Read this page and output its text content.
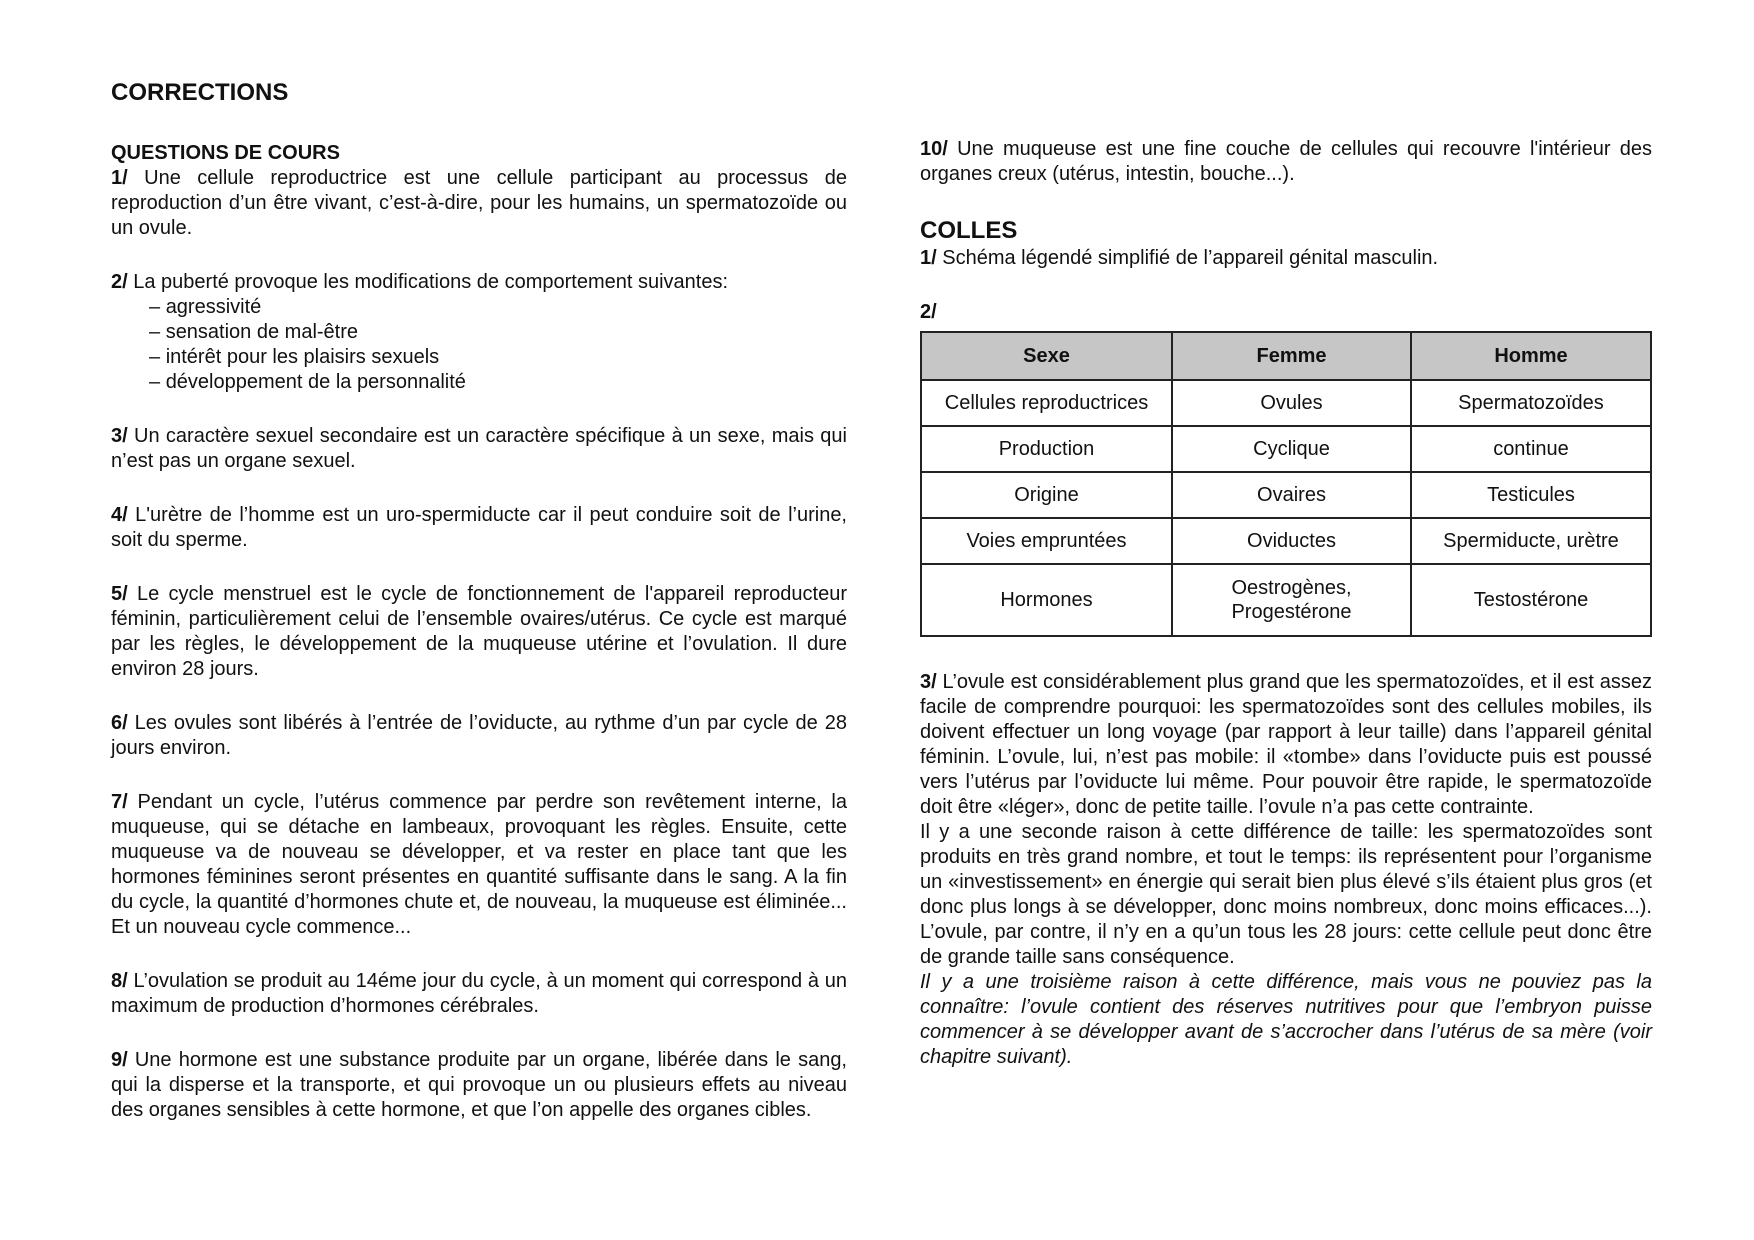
CORRECTIONS
QUESTIONS DE COURS

1/ Une cellule reproductrice est une cellule participant au processus de reproduction d’un être vivant, c’est-à-dire, pour les humains, un spermatozoïde ou un ovule.

2/ La puberté provoque les modifications de comportement suivantes:

– agressivité
– sensation de mal-être
– intérêt pour les plaisirs sexuels
– développement de la personnalité

3/ Un caractère sexuel secondaire est un caractère spécifique à un sexe, mais qui n’est pas un organe sexuel.

4/ L'urètre de l’homme est un uro-spermiducte car il peut conduire soit de l’urine, soit du sperme.

5/ Le cycle menstruel est le cycle de fonctionnement de l'appareil reproducteur féminin, particulièrement celui de l’ensemble ovaires/utérus. Ce cycle est marqué par les règles, le développement de la muqueuse utérine et l’ovulation. Il dure environ 28 jours.

6/ Les ovules sont libérés à l’entrée de l’oviducte, au rythme d’un par cycle de 28 jours environ.

7/ Pendant un cycle, l’utérus commence par perdre son revêtement interne, la muqueuse, qui se détache en lambeaux, provoquant les règles. Ensuite, cette muqueuse va de nouveau se développer, et va rester en place tant que les hormones féminines seront présentes en quantité suffisante dans le sang. A la fin du cycle, la quantité d’hormones chute et, de nouveau, la muqueuse est éliminée... Et un nouveau cycle commence...

8/ L’ovulation se produit au 14éme jour du cycle, à un moment qui correspond à un maximum de production d’hormones cérébrales.

9/ Une hormone est une substance produite par un organe, libérée dans le sang, qui la disperse et la transporte, et qui provoque un ou plusieurs effets au niveau des organes sensibles à cette hormone, et que l’on appelle des organes cibles.

10/ Une muqueuse est une fine couche de cellules qui recouvre l'intérieur des organes creux (utérus, intestin, bouche...).

COLLES

1/ Schéma légendé simplifié de l’appareil génital masculin.

2/

Sexe	Femme	Homme
Cellules reproductrices	Ovules	Spermatozoïdes
Production	Cyclique	continue
Origine	Ovaires	Testicules
Voies empruntées	Oviductes	Spermiducte, urètre
Hormones	Oestrogènes, Progestérone	Testostérone

3/ L’ovule est considérablement plus grand que les spermatozoïdes, et il est assez facile de comprendre pourquoi: les spermatozoïdes sont des cellules mobiles, ils doivent effectuer un long voyage (par rapport à leur taille) dans l’appareil génital féminin. L’ovule, lui, n’est pas mobile: il «tombe» dans l’oviducte puis est poussé vers l’utérus par l’oviducte lui même. Pour pouvoir être rapide, le spermatozoïde doit être «léger», donc de petite taille. l’ovule n’a pas cette contrainte.

Il y a une seconde raison à cette différence de taille: les spermatozoïdes sont produits en très grand nombre, et tout le temps: ils représentent pour l’organisme un «investissement» en énergie qui serait bien plus élevé s’ils étaient plus gros (et donc plus longs à se développer, donc moins nombreux, donc moins efficaces...). L’ovule, par contre, il n’y en a qu’un tous les 28 jours: cette cellule peut donc être de grande taille sans conséquence.

Il y a une troisième raison à cette différence, mais vous ne pouviez pas la connaître: l’ovule contient des réserves nutritives pour que l’embryon puisse commencer à se développer avant de s’accrocher dans l’utérus de sa mère (voir chapitre suivant).
